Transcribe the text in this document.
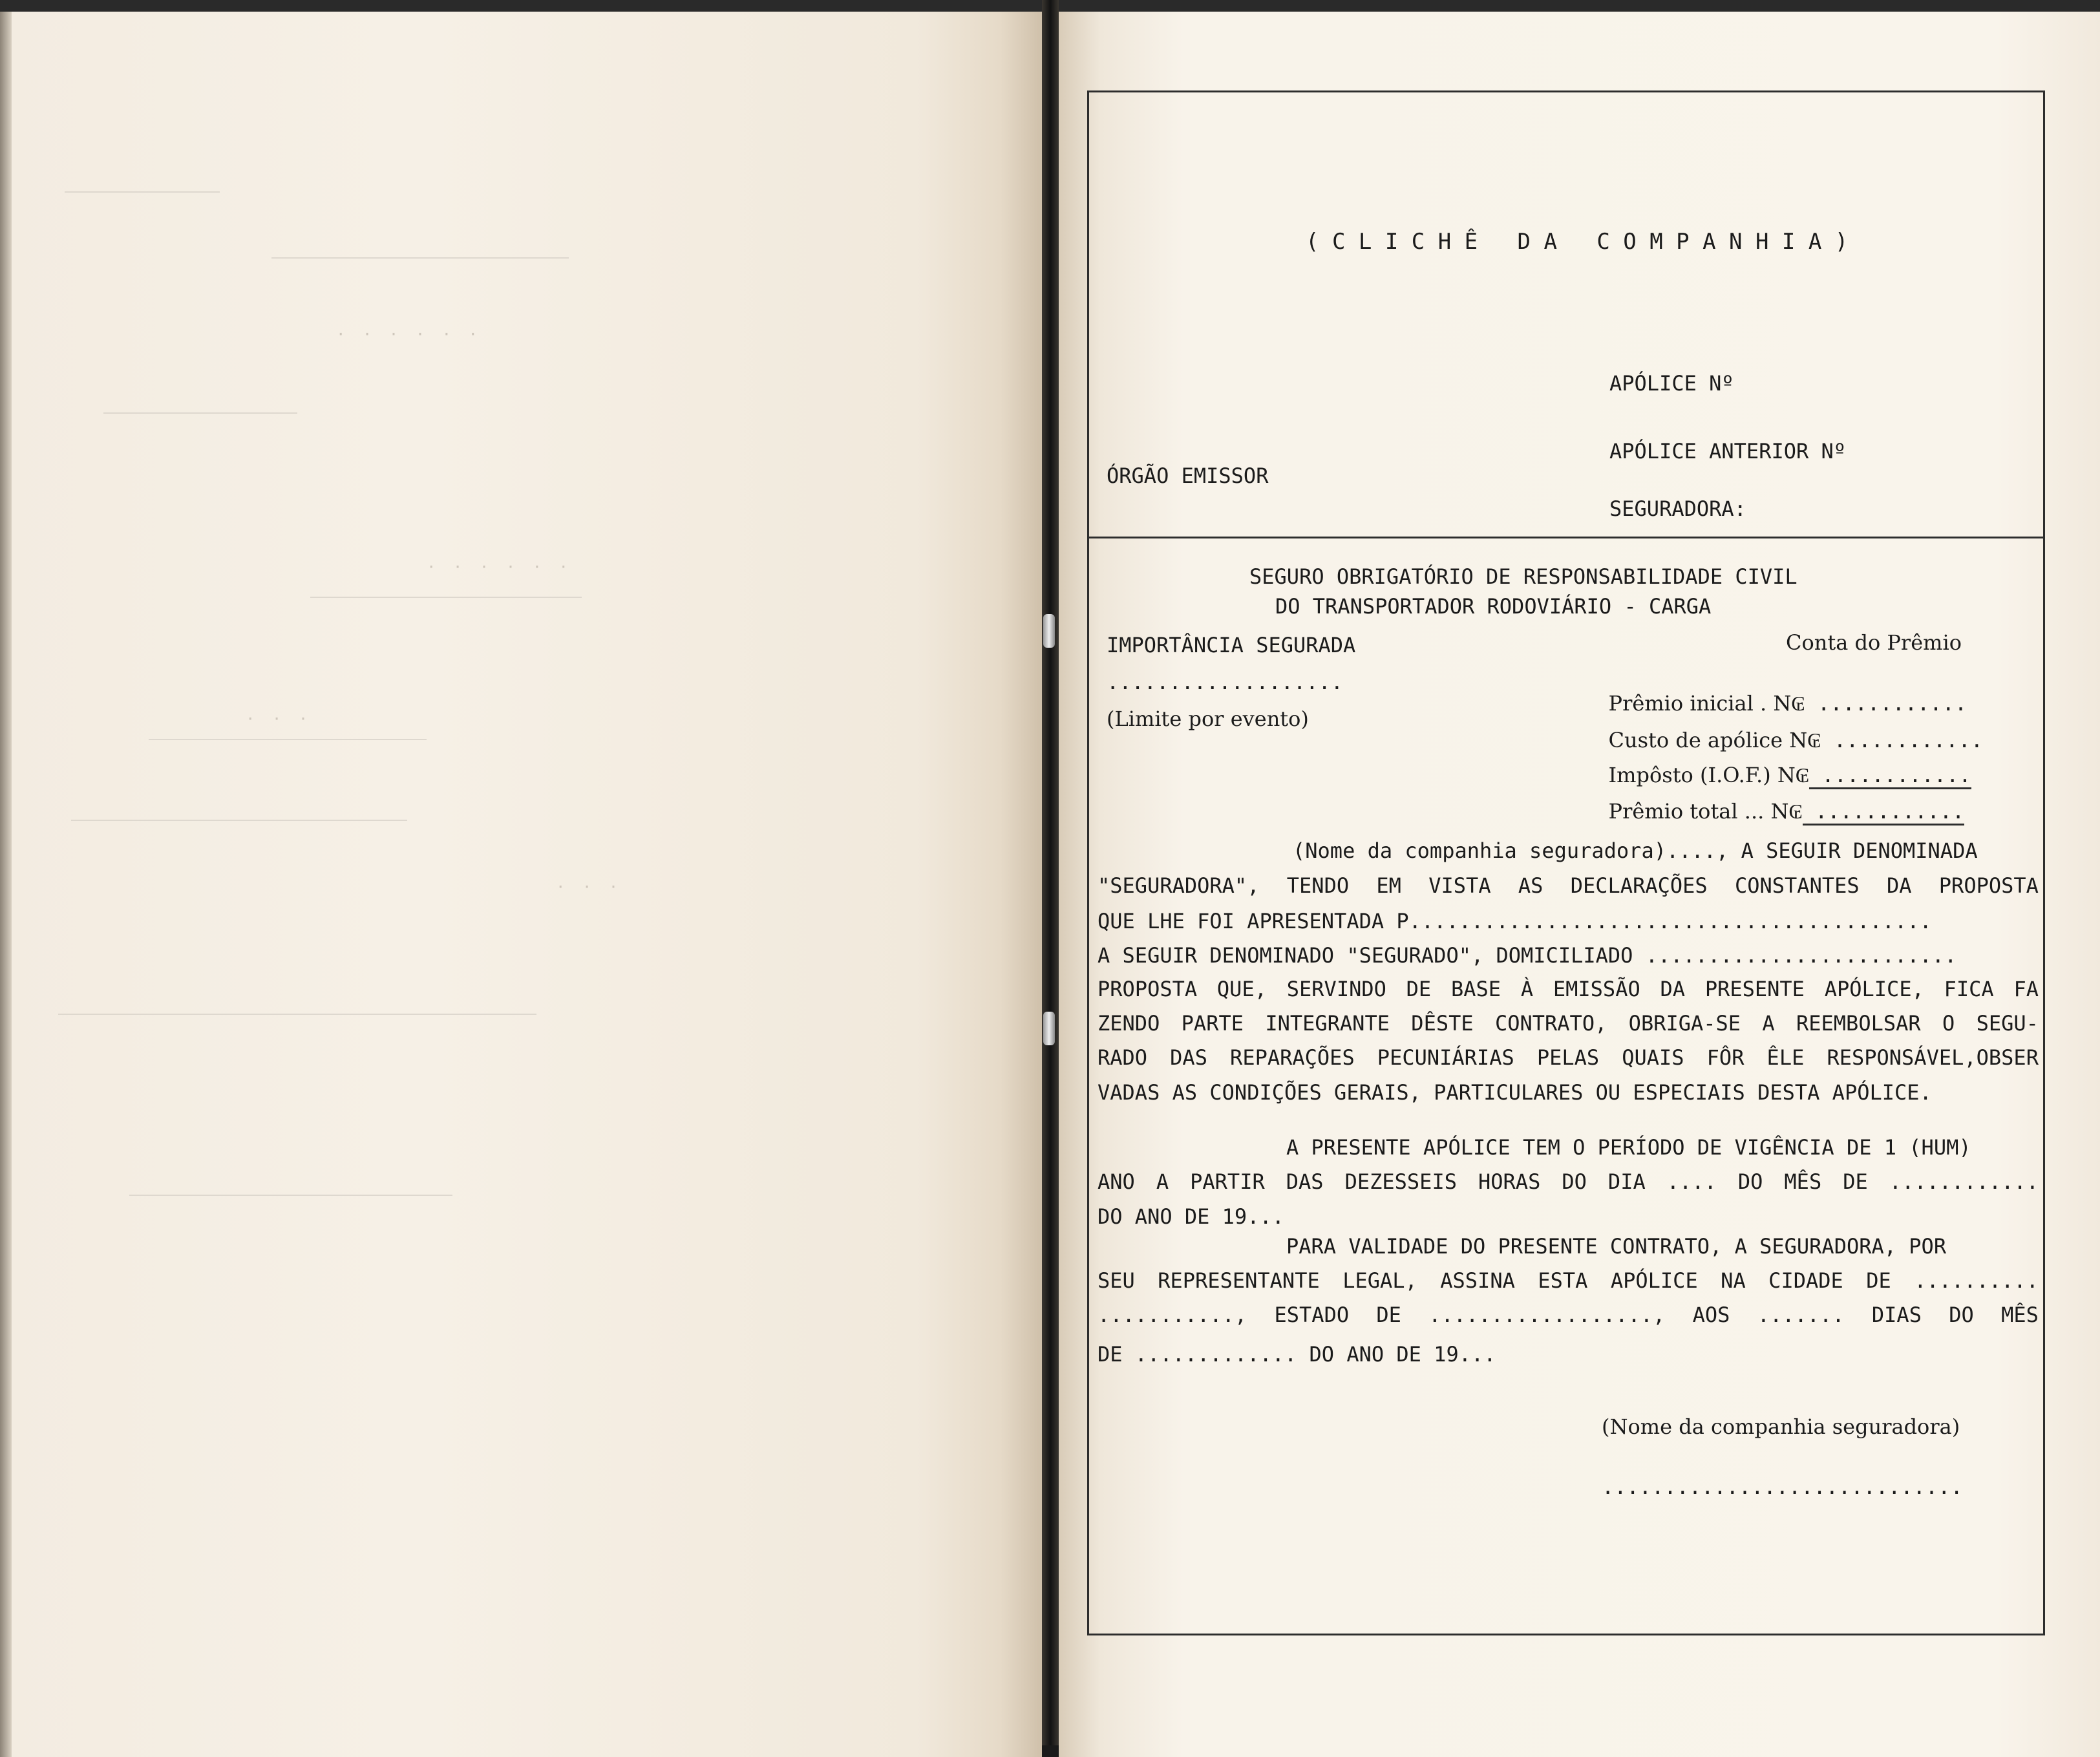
· · · · · ·
· · · · · ·
· · ·
· · ·
( C L I C H Ê   D A   C O M P A N H I A )
APÓLICE Nº
APÓLICE ANTERIOR Nº
ÓRGÃO EMISSOR
SEGURADORA:
SEGURO OBRIGATÓRIO DE RESPONSABILIDADE CIVIL
DO TRANSPORTADOR RODOVIÁRIO - CARGA
IMPORTÂNCIA SEGURADA
...................
(Limite por evento)
Conta do Prêmio

Prêmio inicial . N₢ ............

Custo de apólice N₢ ............

Impôsto (I.O.F.) N₢ ............

Prêmio total ... N₢ ............

(Nome da companhia seguradora)...., A SEGUIR DENOMINADA
"SEGURADORA", TENDO EM VISTA AS DECLARAÇÕES CONSTANTES DA PROPOSTA
QUE LHE FOI APRESENTADA P..........................................
A SEGUIR DENOMINADO "SEGURADO", DOMICILIADO .........................
PROPOSTA QUE, SERVINDO DE BASE À EMISSÃO DA PRESENTE APÓLICE, FICA FA
ZENDO PARTE INTEGRANTE DÊSTE CONTRATO, OBRIGA-SE A REEMBOLSAR O SEGU-
RADO DAS REPARAÇÕES PECUNIÁRIAS PELAS QUAIS FÔR ÊLE RESPONSÁVEL,OBSER
VADAS AS CONDIÇÕES GERAIS, PARTICULARES OU ESPECIAIS DESTA APÓLICE.
A PRESENTE APÓLICE TEM O PERÍODO DE VIGÊNCIA DE 1 (HUM)
ANO A PARTIR DAS DEZESSEIS HORAS DO DIA .... DO MÊS DE ............
DO ANO DE 19...
PARA VALIDADE DO PRESENTE CONTRATO, A SEGURADORA, POR
SEU REPRESENTANTE LEGAL, ASSINA ESTA APÓLICE NA CIDADE DE ..........
..........., ESTADO DE .................., AOS ....... DIAS DO MÊS
DE ............. DO ANO DE 19...
(Nome da companhia seguradora)
.............................
